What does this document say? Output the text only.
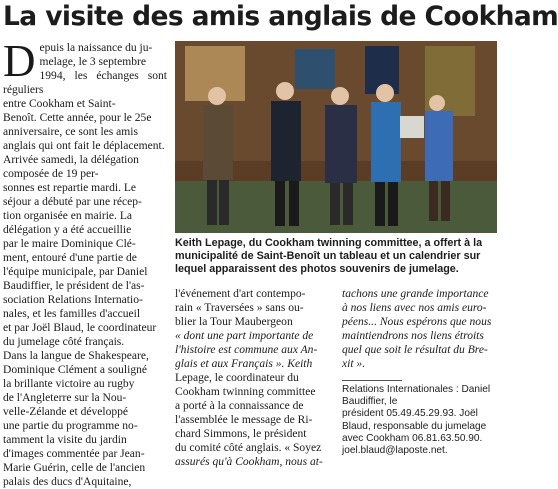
La visite des amis anglais de Cookham
D epuis la naissance du ju-
melage, le 3 septembre
1994, les échanges sont réguliers
entre Cookham et Saint-
Benoît. Cette année, pour le 25e
anniversaire, ce sont les amis
anglais qui ont fait le déplacement.
Arrivée samedi, la délégation
composée de 19 per-
sonnes est repartie mardi. Le
séjour a débuté par une récep-
tion organisée en mairie. La
délégation y a été accueillie
par le maire Dominique Clé-
ment, entouré d'une partie de
l'équipe municipale, par Daniel
Baudiffier, le président de l'as-
sociation Relations Internatio-
nales, et les familles d'accueil
et par Joël Blaud, le coordinateur
du jumelage côté français.
Dans la langue de Shakespeare,
Dominique Clément a souligné
la brillante victoire au rugby
de l'Angleterre sur la Nou-
velle-Zélande et développé
une partie du programme no-
tamment la visite du jardin
d'images commentée par Jean-
Marie Guérin, celle de l'ancien
palais des ducs d'Aquitaine,
Keith Lepage, du Cookham twinning committee, a offert à la municipalité de Saint-Benoît un tableau et un calendrier sur lequel apparaissent des photos souvenirs de jumelage.
l'événement d'art contempo-
rain « Traversées » sans ou-
blier la Tour Maubergeon
« dont une part importante de
l'histoire est commune aux An-
glais et aux Français ». Keith
Lepage, le coordinateur du
Cookham twinning committee
a porté à la connaissance de
l'assemblée le message de Ri-
chard Simmons, le président
du comité côté anglais. « Soyez
assurés qu'à Cookham, nous at-
tachons une grande importance
à nos liens avec nos amis euro-
péens... Nous espérons que nous
maintiendrons nos liens étroits
quel que soit le résultat du Bre-
xit ».
Relations Internationales : Daniel
Baudiffier, le
président 05.49.45.29.93. Joël
Blaud, responsable du jumelage
avec Cookham 06.81.63.50.90.
joel.blaud@laposte.net.
